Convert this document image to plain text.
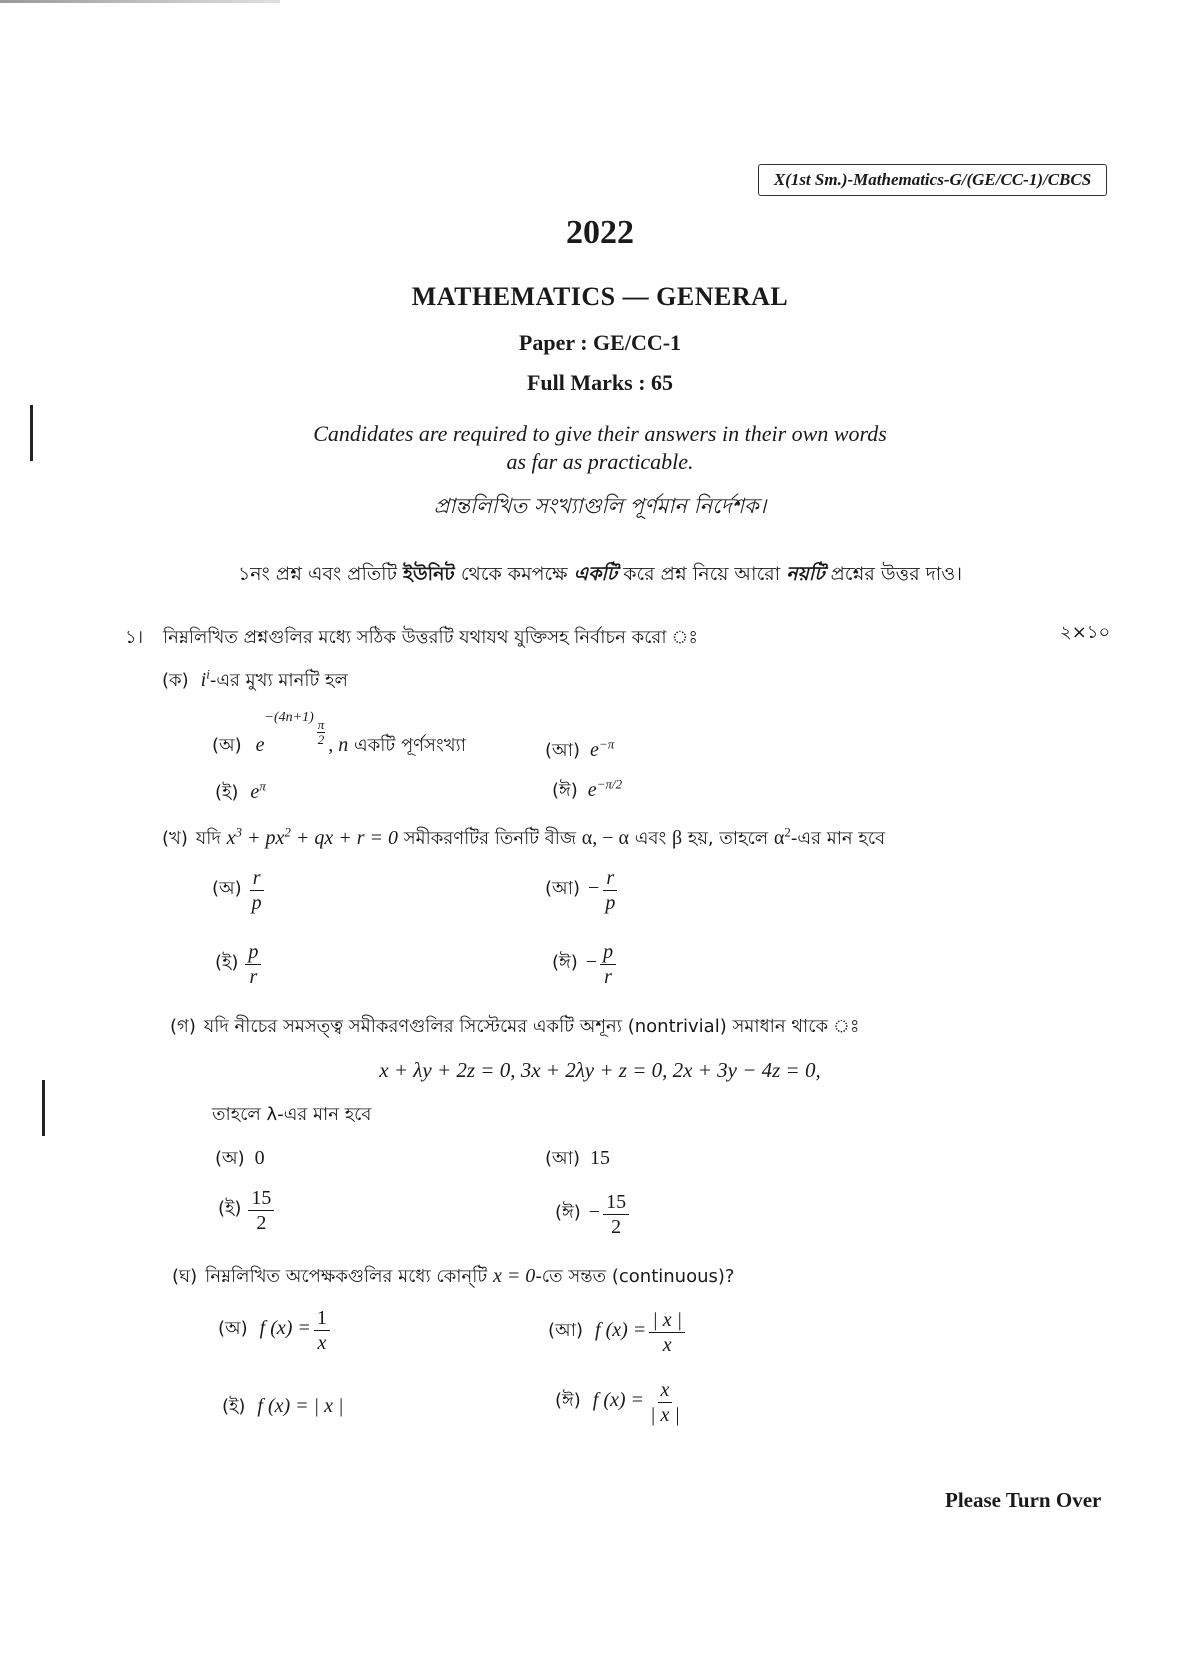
X(1st Sm.)-Mathematics-G/(GE/CC-1)/CBCS
2022
MATHEMATICS — GENERAL
Paper : GE/CC-1
Full Marks : 65
Candidates are required to give their answers in their own words
as far as practicable.
প্রান্তলিখিত সংখ্যাগুলি পূর্ণমান নির্দেশক।
১নং প্রশ্ন এবং প্রতিটি ইউনিট থেকে কমপক্ষে একটি করে প্রশ্ন নিয়ে আরো নয়টি প্রশ্নের উত্তর দাও।
১। নিম্নলিখিত প্রশ্নগুলির মধ্যে সঠিক উত্তরটি যথাযথ যুক্তিসহ নির্বাচন করো ঃ	২×১০
(ক) $i^i-এর$ মুখ্য মানটি হল
(অ) e−(4n+1)
$\frac{\pi}{2}$ , n একটি পূর্ণসংখ্যা	(আ) $e^{-\pi}$
(ই) $e^\pi$	(ঈ) $e^{-\pi/2}$
(খ) যদি $x^3 + px^2$ + qx + r = 0 সমীকরণটির তিনটি বীজ α, − α এবং β হয়, তাহলে $\alpha^2-এর$ মান হবে
(অ) $\frac{r}{p}$	(আ) − $\frac{r}{p}$
(ই) $\frac{p}{r}$	(ঈ) − $\frac{p}{r}$
(গ) যদি নীচের সমসত্ত্ব সমীকরণগুলির সিস্টেমের একটি অশূন্য (nontrivial) সমাধান থাকে ঃ
x + λy + 2z = 0, 3x + 2λy + z = 0, 2x + 3y − 4z = 0,
তাহলে λ-এর মান হবে
(অ) 0	(আ) 15
(ই) $\frac{15}{2}$	(ঈ) − $\frac{15}{2}$
(ঘ) নিম্নলিখিত অপেক্ষকগুলির মধ্যে কোন্‌টি x = 0-তে সন্তত (continuous)?
(অ) f $(x) = \frac{1}{x}$	(আ) f $(x) = \frac{| x |}{x}$
(ই) f (x) = | x |	(ঈ) f $(x) = \frac{x}{| x |}$
Please Turn Over
